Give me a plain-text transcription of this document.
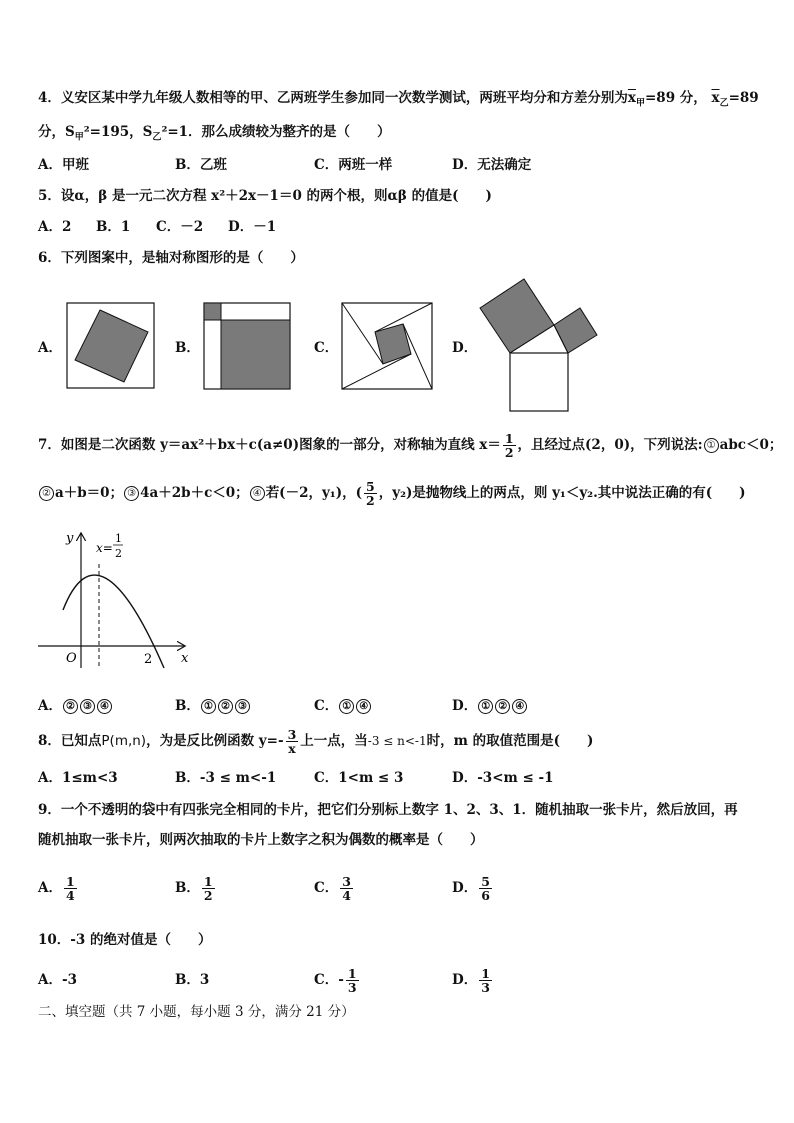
4．义安区某中学九年级人数相等的甲、乙两班学生参加同一次数学测试，两班平均分和方差分别为$\overline{x}_甲=89$ 分， $\overline{x}_乙=89$
分，$S_甲^2=195$，$S_乙^2=1$．那么成绩较为整齐的是（　　）
A．甲班	B．乙班	C．两班一样	D．无法确定
5．设α，β 是一元二次方程 x²＋2x－1＝0 的两个根，则αβ 的值是(　　)
A．2 B．1 C．－2 D．－1
6．下列图案中，是轴对称图形的是（　　）
A．	B．	C．	D．
7．如图是二次函数 y＝ax²＋bx＋c(a≠0)图象的一部分，对称轴为直线 $x= \frac{1}{2}$ ，且经过点(2，0)，下列说法: ① abc＜0；
② a＋b＝0； ③ 4a＋2b＋c＜0； ④ 若(－2，y₁)，( $\frac{5}{2}$ ，y₂)是抛物线上的两点，则 y₁＜y₂.其中说法正确的有(　　)
y
x
O	2
x=
1
2
A． ② ③ ④	B． ① ② ③	C． ① ④	D． ① ② ④
8．已知点P(m,n)，为是反比例函数 $y=- \frac{3}{x}$ 上一点，当-3 ≤ n<-1时，m 的取值范围是(　　)
A．1≤m<3	B．-3 ≤ m<-1	C．1<m ≤ 3	D．-3<m ≤ -1
9．一个不透明的袋中有四张完全相同的卡片，把它们分别标上数字 1、2、3、1．随机抽取一张卡片，然后放回，再
随机抽取一张卡片，则两次抽取的卡片上数字之积为偶数的概率是（　　）
A． $\frac{1}{4}$	B． $\frac{1}{2}$	C． $\frac{3}{4}$	D． $\frac{5}{6}$
10．-3 的绝对值是（　　）
A．-3	B．3	C．- $\frac{1}{3}$	D． $\frac{1}{3}$
二、填空题（共 7 小题，每小题 3 分，满分 21 分）
